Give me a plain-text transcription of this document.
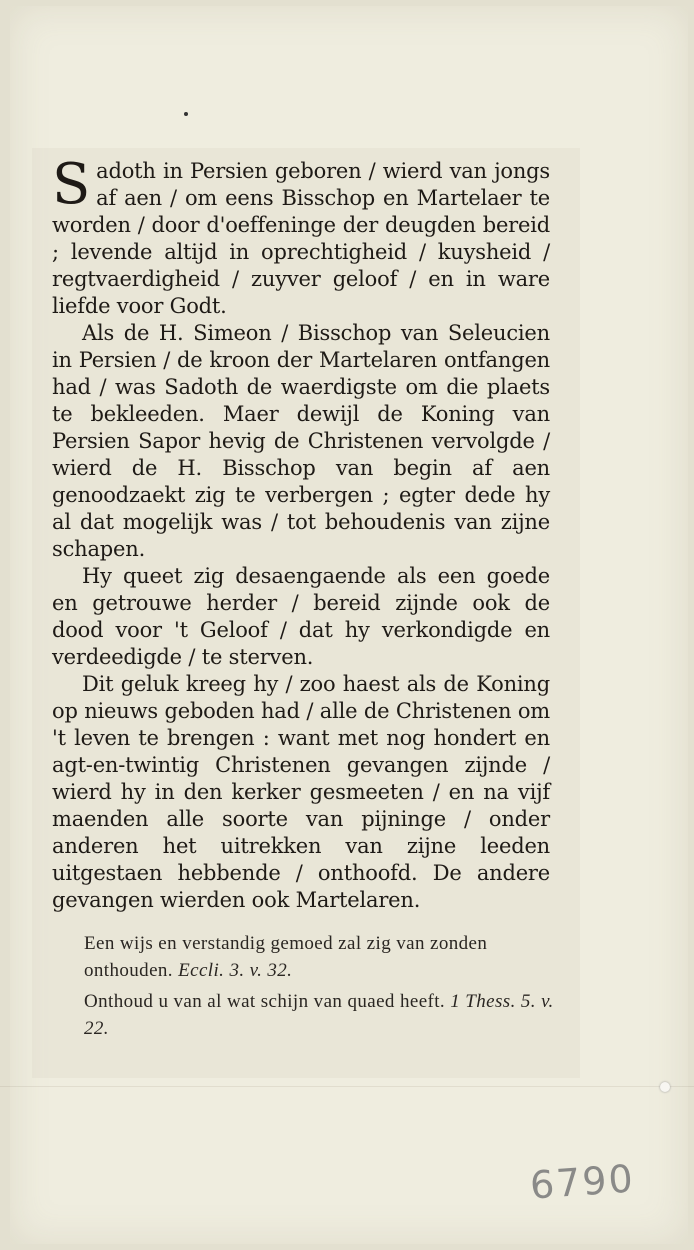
Sadoth in Persien geboren / wierd van jongs af aen / om eens Bisschop en Martelaer te worden / door d'oeffeninge der deugden bereid ; levende altijd in oprechtigheid / kuysheid / regtvaerdigheid / zuyver geloof / en in ware liefde voor Godt.

Als de H. Simeon / Bisschop van Seleucien in Persien / de kroon der Martelaren ontfangen had / was Sadoth de waerdigste om die plaets te bekleeden. Maer dewijl de Koning van Persien Sapor hevig de Christenen vervolgde / wierd de H. Bisschop van begin af aen genoodzaekt zig te verbergen ; egter dede hy al dat mogelijk was / tot behoudenis van zijne schapen.

Hy queet zig desaengaende als een goede en getrouwe herder / bereid zijnde ook de dood voor 't Geloof / dat hy verkondigde en verdeedigde / te sterven.

Dit geluk kreeg hy / zoo haest als de Koning op nieuws geboden had / alle de Christenen om 't leven te brengen : want met nog hondert en agt-en-twintig Christenen gevangen zijnde / wierd hy in den kerker gesmeeten / en na vijf maenden alle soorte van pijninge / onder anderen het uitrekken van zijne leeden uitgestaen hebbende / onthoofd. De andere gevangen wierden ook Martelaren.

Een wijs en verstandig gemoed zal zig van zonden onthouden. Eccli. 3. v. 32.

Onthoud u van al wat schijn van quaed heeft. 1 Thess. 5. v. 22.

6790
